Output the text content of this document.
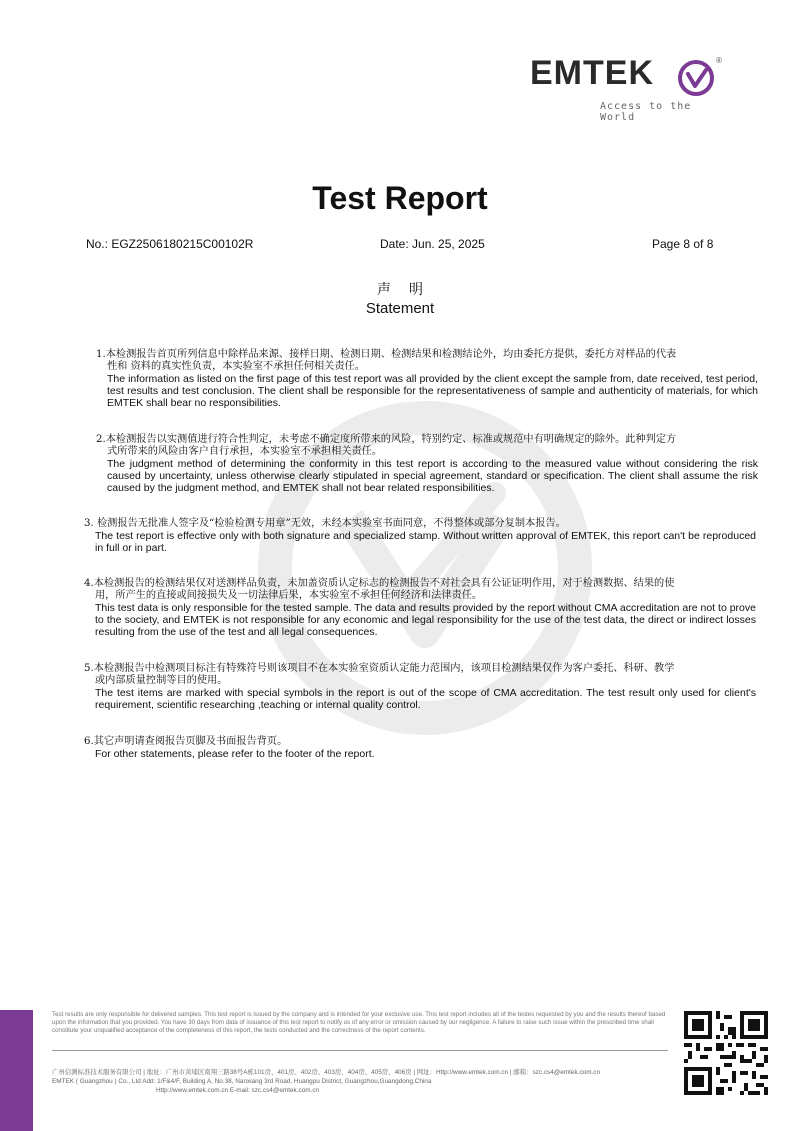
EMTEK	®
Access to the World
Test Report
No.: EGZ2506180215C00102R	Date: Jun. 25, 2025	Page 8 of 8
声明
Statement
1.本检测报告首页所列信息中除样品来源、接样日期、检测日期、检测结果和检测结论外，均由委托方提供，委托方对样品的代表
性和 资料的真实性负责，本实验室不承担任何相关责任。
The information as listed on the first page of this test report was all provided by the client except the sample from, date received, test period, test results and test conclusion. The client shall be responsible for the representativeness of sample and authenticity of materials, for which EMTEK shall bear no responsibilities.
2.本检测报告以实测值进行符合性判定，未考虑不确定度所带来的风险，特别约定、标准或规范中有明确规定的除外。此种判定方
式所带来的风险由客户自行承担，本实验室不承担相关责任。
The judgment method of determining the conformity in this test report is according to the measured value without considering the risk caused by uncertainty, unless otherwise clearly stipulated in special agreement, standard or specification. The client shall assume the risk caused by the judgment method, and EMTEK shall not bear related responsibilities.
3. 检测报告无批准人签字及“检验检测专用章”无效，未经本实验室书面同意，不得整体或部分复制本报告。
The test report is effective only with both signature and specialized stamp. Without written approval of EMTEK, this report can't be reproduced in full or in part.
4.本检测报告的检测结果仅对送测样品负责，未加盖资质认定标志的检测报告不对社会具有公证证明作用，对于检测数据、结果的使
用，所产生的直接或间接损失及一切法律后果，本实验室不承担任何经济和法律责任。
This test data is only responsible for the tested sample. The data and results provided by the report without CMA accreditation are not to prove to the society, and EMTEK is not responsible for any economic and legal responsibility for the use of the test data, the direct or indirect losses resulting from the use of the test and all legal consequences.
5.本检测报告中检测项目标注有特殊符号则该项目不在本实验室资质认定能力范围内，该项目检测结果仅作为客户委托、科研、教学
或内部质量控制等目的使用。
The test items are marked with special symbols in the report is out of the scope of CMA accreditation. The test result only used for client's requirement, scientific researching ,teaching or internal quality control.
6.其它声明请查阅报告页脚及书面报告背页。
For other statements, please refer to the footer of the report.
Test results are only responsible for delivered samples. This test report is issued by the company and is intended for your exclusive use. This test report includes all of the testes requested by you and the results thereof based upon the information that you provided. You have 30 days from data of issuance of this test report to notify us of any error or omission caused by our negligence. A failure to raise such issue within the prescribed time shall constitute your unqualified acceptance of the completeness of this report, the tests conducted and the correctness of the report contents.
广州信测标准技术服务有限公司 | 地址：广州市黄埔区南翔三路38号A栋101房、401房、402房、403房、404房、405房、406房 | 网址：Http://www.emtek.com.cn | 邮箱：szc.cs4@emtek.com.cn
EMTEK ( Guangzhou ) Co., Ltd Add: 1/F&4/F, Building A, No.38, Nanxiang 3rd Road, Huangpu District, Guangzhou,Guangdong,China
Http://www.emtek.com.cn E-mail: szc.cs4@emtek.com.cn
